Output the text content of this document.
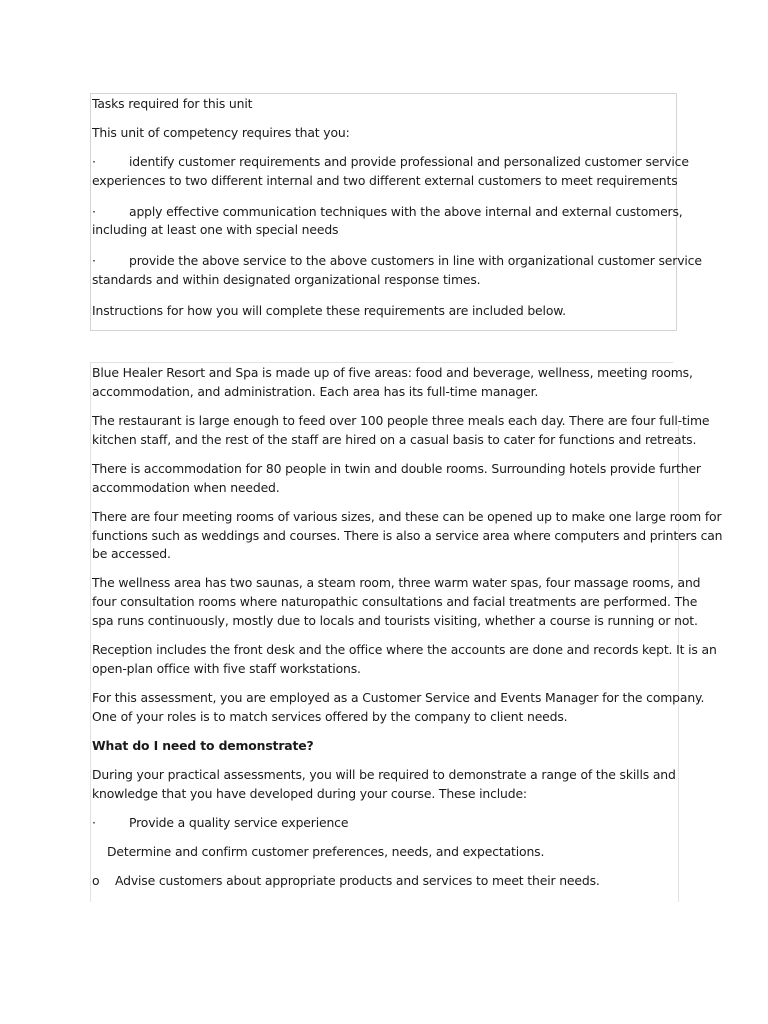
Tasks required for this unit
This unit of competency requires that you:
·	identify customer requirements and provide professional and personalized customer service
experiences to two different internal and two different external customers to meet requirements
·	apply effective communication techniques with the above internal and external customers,
including at least one with special needs
·	provide the above service to the above customers in line with organizational customer service
standards and within designated organizational response times.
Instructions for how you will complete these requirements are included below.
Blue Healer Resort and Spa is made up of five areas: food and beverage, wellness, meeting rooms,
accommodation, and administration. Each area has its full-time manager.
The restaurant is large enough to feed over 100 people three meals each day. There are four full-time
kitchen staff, and the rest of the staff are hired on a casual basis to cater for functions and retreats.
There is accommodation for 80 people in twin and double rooms. Surrounding hotels provide further
accommodation when needed.
There are four meeting rooms of various sizes, and these can be opened up to make one large room for
functions such as weddings and courses. There is also a service area where computers and printers can
be accessed.
The wellness area has two saunas, a steam room, three warm water spas, four massage rooms, and
four consultation rooms where naturopathic consultations and facial treatments are performed. The
spa runs continuously, mostly due to locals and tourists visiting, whether a course is running or not.
Reception includes the front desk and the office where the accounts are done and records kept. It is an
open-plan office with five staff workstations.
For this assessment, you are employed as a Customer Service and Events Manager for the company.
One of your roles is to match services offered by the company to client needs.
What do I need to demonstrate?
During your practical assessments, you will be required to demonstrate a range of the skills and
knowledge that you have developed during your course. These include:
·	Provide a quality service experience
Determine and confirm customer preferences, needs, and expectations.
o Advise customers about appropriate products and services to meet their needs.
